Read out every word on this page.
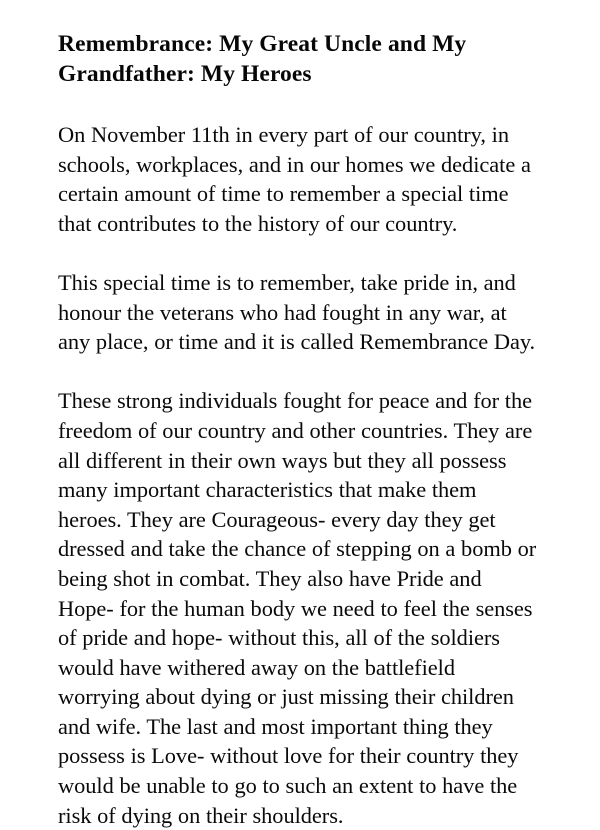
Remembrance: My Great Uncle and My
Grandfather: My Heroes

On November 11th in every part of our country, in
schools, workplaces, and in our homes we dedicate a
certain amount of time to remember a special time
that contributes to the history of our country.

This special time is to remember, take pride in, and
honour the veterans who had fought in any war, at
any place, or time and it is called Remembrance Day.

These strong individuals fought for peace and for the
freedom of our country and other countries. They are
all different in their own ways but they all possess
many important characteristics that make them
heroes. They are Courageous- every day they get
dressed and take the chance of stepping on a bomb or
being shot in combat. They also have Pride and
Hope- for the human body we need to feel the senses
of pride and hope- without this, all of the soldiers
would have withered away on the battlefield
worrying about dying or just missing their children
and wife. The last and most important thing they
possess is Love- without love for their country they
would be unable to go to such an extent to have the
risk of dying on their shoulders.
